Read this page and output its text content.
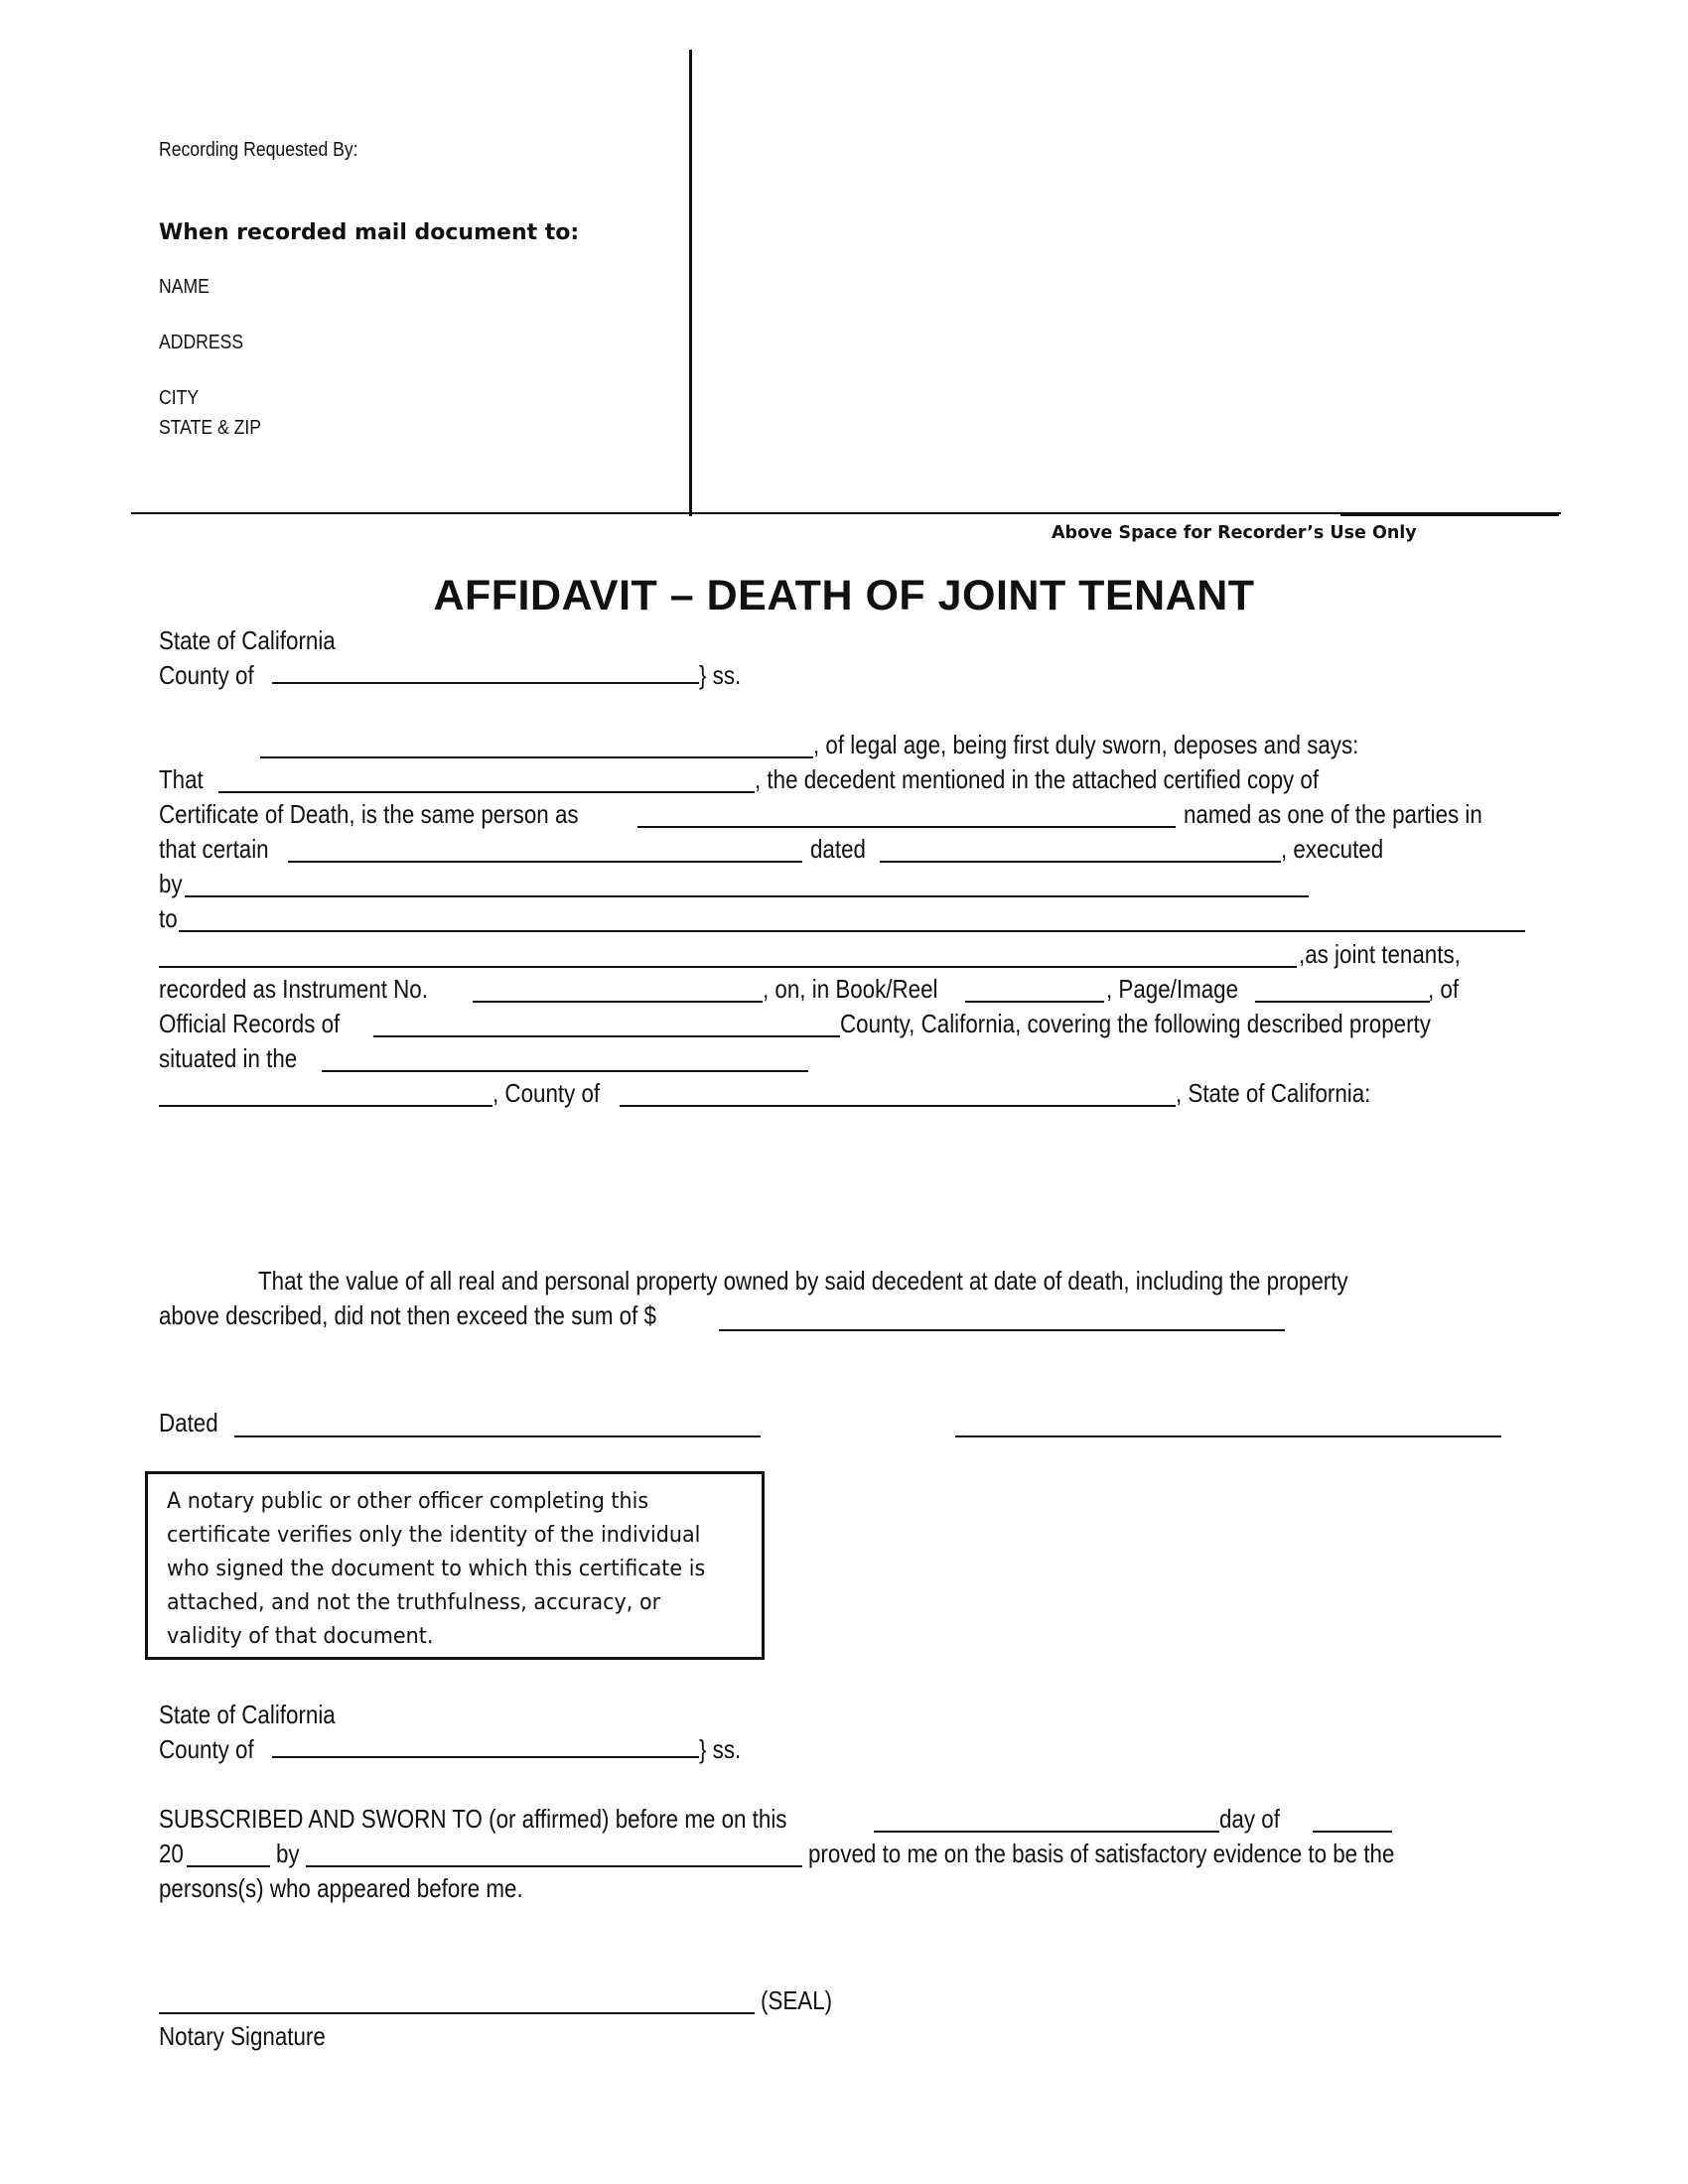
Recording Requested By:
When recorded mail document to:
NAME
ADDRESS
CITY
STATE & ZIP
Above Space for Recorder’s Use Only
AFFIDAVIT – DEATH OF JOINT TENANT
State of California
County of	} ss.
, of legal age, being first duly sworn, deposes and says:
That	, the decedent mentioned in the attached certified copy of
Certificate of Death, is the same person as	named as one of the parties in
that certain	dated	, executed
by
to
,as joint tenants,
recorded as Instrument No.	, on, in Book/Reel	, Page/Image	, of
Official Records of	County, California, covering the following described property
situated in the
, County of	, State of California:
That the value of all real and personal property owned by said decedent at date of death, including the property
above described, did not then exceed the sum of $
Dated
A notary public or other officer completing this certificate verifies only the identity of the individual who signed the document to which this certificate is attached, and not the truthfulness, accuracy, or validity of that document.
State of California
County of	} ss.
SUBSCRIBED AND SWORN TO (or affirmed) before me on this	day of
20	by	proved to me on the basis of satisfactory evidence to be the
persons(s) who appeared before me.
(SEAL)
Notary Signature
